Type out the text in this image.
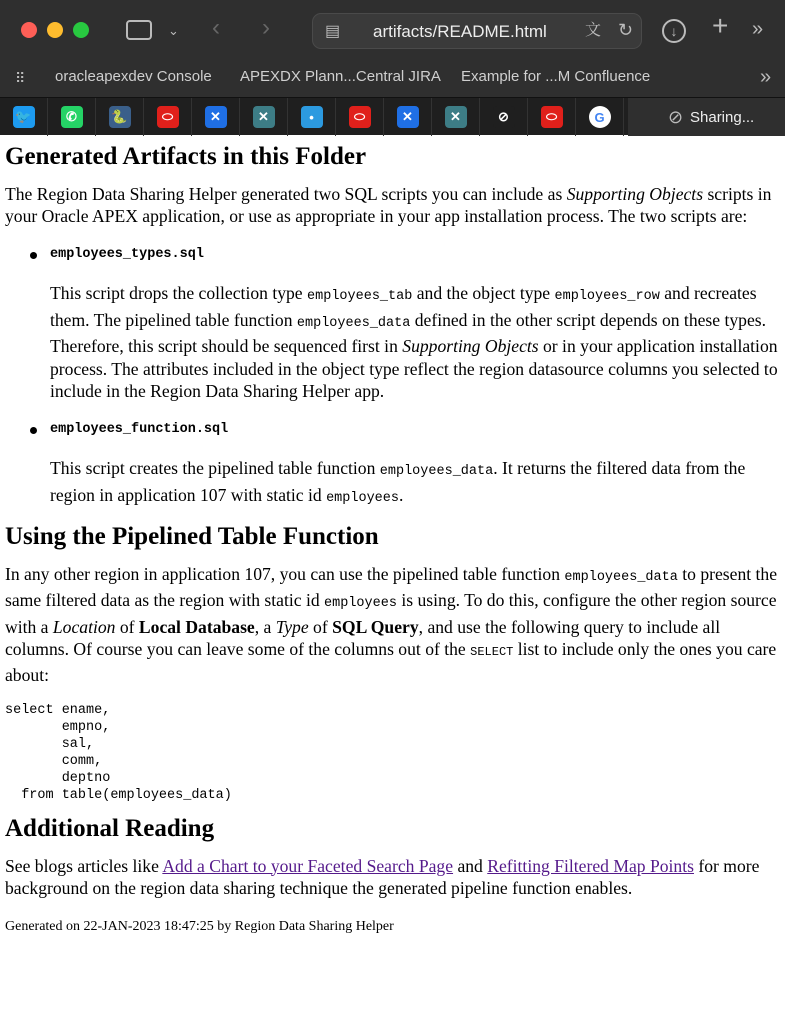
⌄ ‹ ›	▤ artifacts/README.html 文 ↻	↓	+ »
⠿ oracleapexdev Console APEXDX Plann...Central JIRA Example for ...M Confluence	»
⊘ Sharing...
🐦	✆	🐍	⬭	✕	✕	•	⬭	✕	✕	⊘	⬭	G
Generated Artifacts in this Folder

The Region Data Sharing Helper generated two SQL scripts you can include as Supporting Objects scripts in your Oracle APEX application, or use as appropriate in your app installation process. The two scripts are:

employees_types.sql

This script drops the collection type employees_tab and the object type employees_row and recreates them. The pipelined table function employees_data defined in the other script depends on these types. Therefore, this script should be sequenced first in Supporting Objects or in your application installation process. The attributes included in the object type reflect the region datasource columns you selected to include in the Region Data Sharing Helper app.

employees_function.sql

This script creates the pipelined table function employees_data. It returns the filtered data from the region in application 107 with static id employees.

Using the Pipelined Table Function

In any other region in application 107, you can use the pipelined table function employees_data to present the same filtered data as the region with static id employees is using. To do this, configure the other region source with a Location of Local Database, a Type of SQL Query, and use the following query to include all columns. Of course you can leave some of the columns out of the SELECT list to include only the ones you care about:

select ename,
empno,
sal,
comm,
deptno
from table(employees_data)
Additional Reading

See blogs articles like Add a Chart to your Faceted Search Page and Refitting Filtered Map Points for more background on the region data sharing technique the generated pipeline function enables.

Generated on 22-JAN-2023 18:47:25 by Region Data Sharing Helper
